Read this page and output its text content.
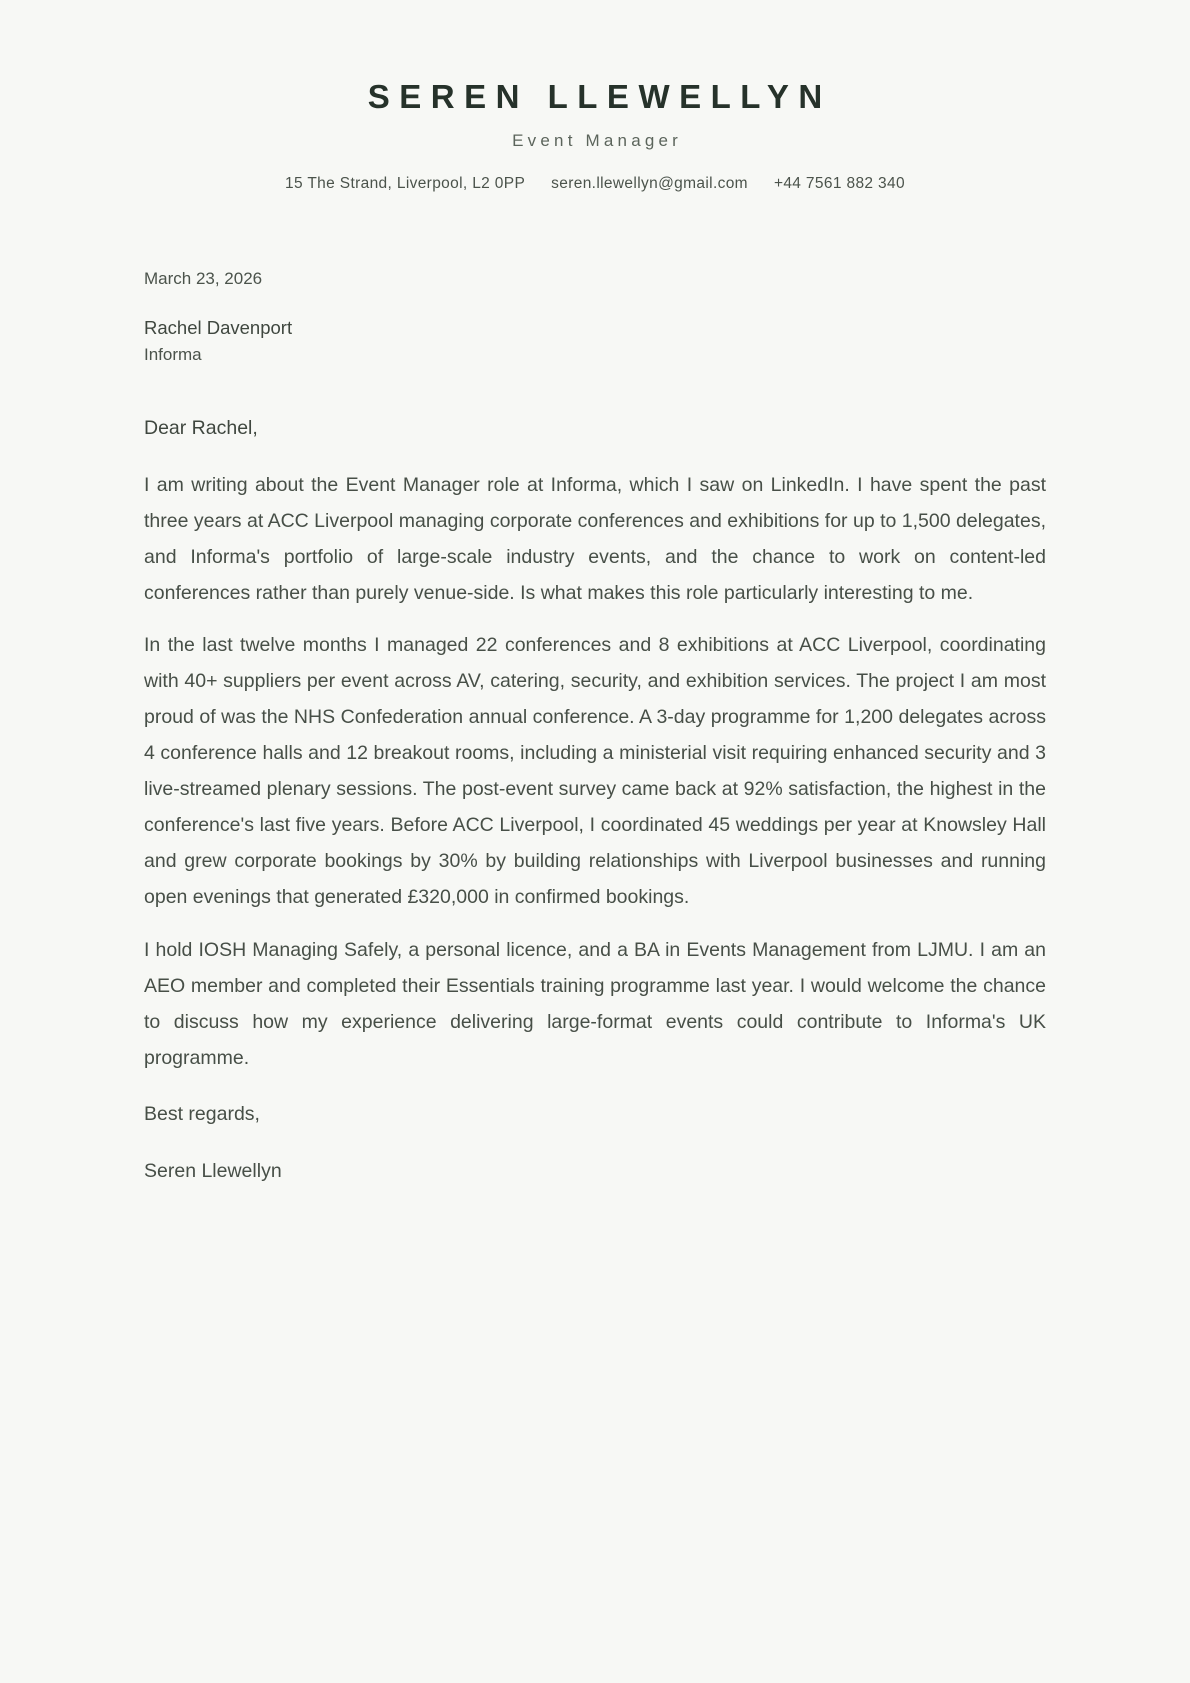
SEREN LLEWELLYN
Event Manager
15 The Strand, Liverpool, L2 0PP seren.llewellyn@gmail.com +44 7561 882 340
March 23, 2026
Rachel Davenport
Informa
Dear Rachel,

I am writing about the Event Manager role at Informa, which I saw on LinkedIn. I have spent the past three years at ACC Liverpool managing corporate conferences and exhibitions for up to 1,500 delegates, and Informa's portfolio of large-scale industry events, and the chance to work on content-led conferences rather than purely venue-side. Is what makes this role particularly interesting to me.

In the last twelve months I managed 22 conferences and 8 exhibitions at ACC Liverpool, coordinating with 40+ suppliers per event across AV, catering, security, and exhibition services. The project I am most proud of was the NHS Confederation annual conference. A 3-day programme for 1,200 delegates across 4 conference halls and 12 breakout rooms, including a ministerial visit requiring enhanced security and 3 live-streamed plenary sessions. The post-event survey came back at 92% satisfaction, the highest in the conference's last five years. Before ACC Liverpool, I coordinated 45 weddings per year at Knowsley Hall and grew corporate bookings by 30% by building relationships with Liverpool businesses and running open evenings that generated £320,000 in confirmed bookings.

I hold IOSH Managing Safely, a personal licence, and a BA in Events Management from LJMU. I am an AEO member and completed their Essentials training programme last year. I would welcome the chance to discuss how my experience delivering large-format events could contribute to Informa's UK programme.

Best regards,
Seren Llewellyn
